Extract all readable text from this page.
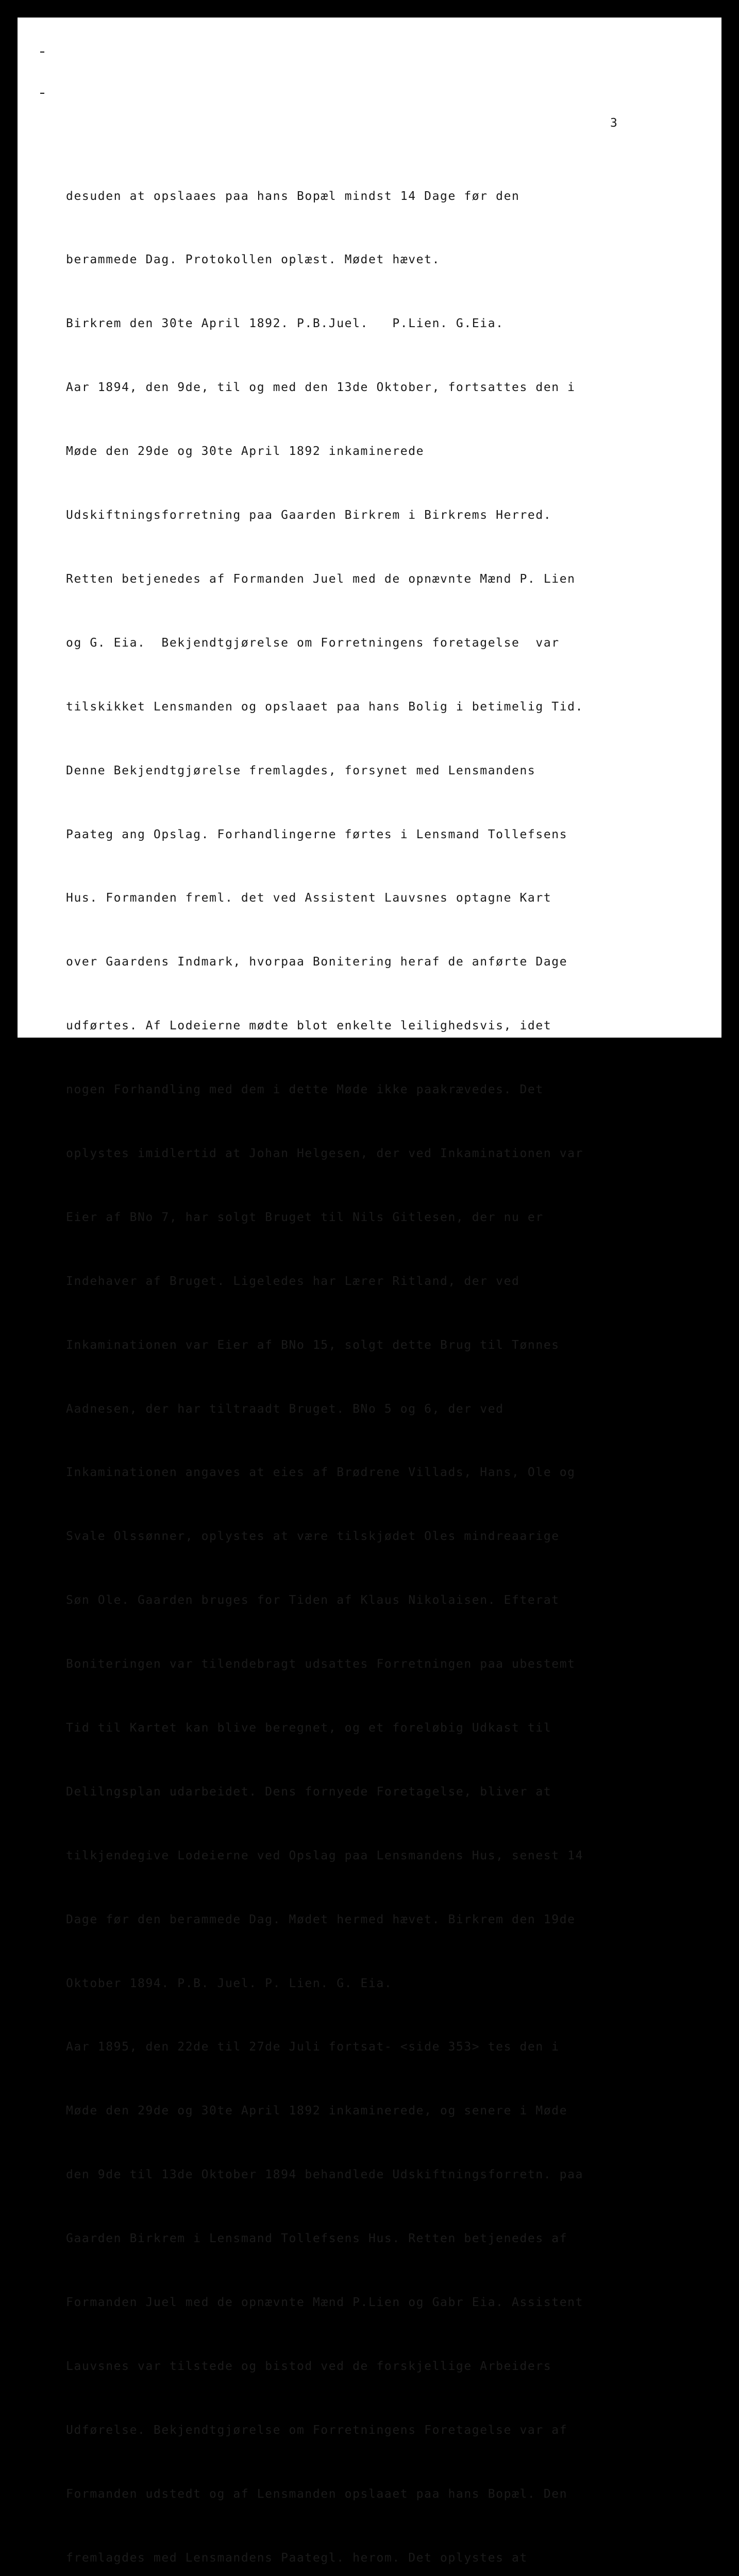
3

desuden at opslaaes paa hans Bopæl mindst 14 Dage før den

berammede Dag. Protokollen oplæst. Mødet hævet.

Birkrem den 30te April 1892. P.B.Juel.   P.Lien. G.Eia.

Aar 1894, den 9de, til og med den 13de Oktober, fortsattes den i

Møde den 29de og 30te April 1892 inkaminerede

Udskiftningsforretning paa Gaarden Birkrem i Birkrems Herred.

Retten betjenedes af Formanden Juel med de opnævnte Mænd P. Lien

og G. Eia.  Bekjendtgjørelse om Forretningens foretagelse  var

tilskikket Lensmanden og opslaaet paa hans Bolig i betimelig Tid.

Denne Bekjendtgjørelse fremlagdes, forsynet med Lensmandens

Paateg ang Opslag. Forhandlingerne førtes i Lensmand Tollefsens

Hus. Formanden freml. det ved Assistent Lauvsnes optagne Kart

over Gaardens Indmark, hvorpaa Bonitering heraf de anførte Dage

udførtes. Af Lodeierne mødte blot enkelte leilighedsvis, idet

nogen Forhandling med dem i dette Møde ikke paakrævedes. Det

oplystes imidlertid at Johan Helgesen, der ved Inkaminationen var

Eier af BNo 7, har solgt Bruget til Nils Gitlesen, der nu er

Indehaver af Bruget. Ligeledes har Lærer Ritland, der ved

Inkaminationen var Eier af BNo 15, solgt dette Brug til Tønnes

Aadnesen, der har tiltraadt Bruget. BNo 5 og 6, der ved

Inkaminationen angaves at eies af Brødrene Villads, Hans, Ole og

Svale Olssønner, oplystes at være tilskjødet Oles mindreaarige

Søn Ole. Gaarden bruges for Tiden af Klaus Nikolaisen. Efterat

Boniteringen var tilendebragt udsattes Forretningen paa ubestemt

Tid til Kartet kan blive beregnet, og et foreløbig Udkast til

Delilngsplan udarbeidet. Dens fornyede Foretagelse, bliver at

tilkjendegive Lodeierne ved Opslag paa Lensmandens Hus, senest 14

Dage før den berammede Dag. Mødet hermed hævet. Birkrem den 19de

Oktober 1894. P.B. Juel. P. Lien. G. Eia.

Aar 1895, den 22de til 27de Juli fortsat- <side 353> tes den i

Møde den 29de og 30te April 1892 inkaminerede, og senere i Møde

den 9de til 13de Oktober 1894 behandlede Udskiftningsforretn. paa

Gaarden Birkrem i Lensmand Tollefsens Hus. Retten betjenedes af

Formanden Juel med de opnævnte Mænd P.Lien og Gabr Eia. Assistent

Lauvsnes var tilstede og bistod ved de forskjellige Arbeiders

Udførelse. Bekjendtgjørelse om Forretningens Foretagelse var af

Formanden udstedt og af Lensmanden opslaaet paa hans Bopæl. Den

fremlagdes med Lensmandens Paategl. herom. Det oplystes at
